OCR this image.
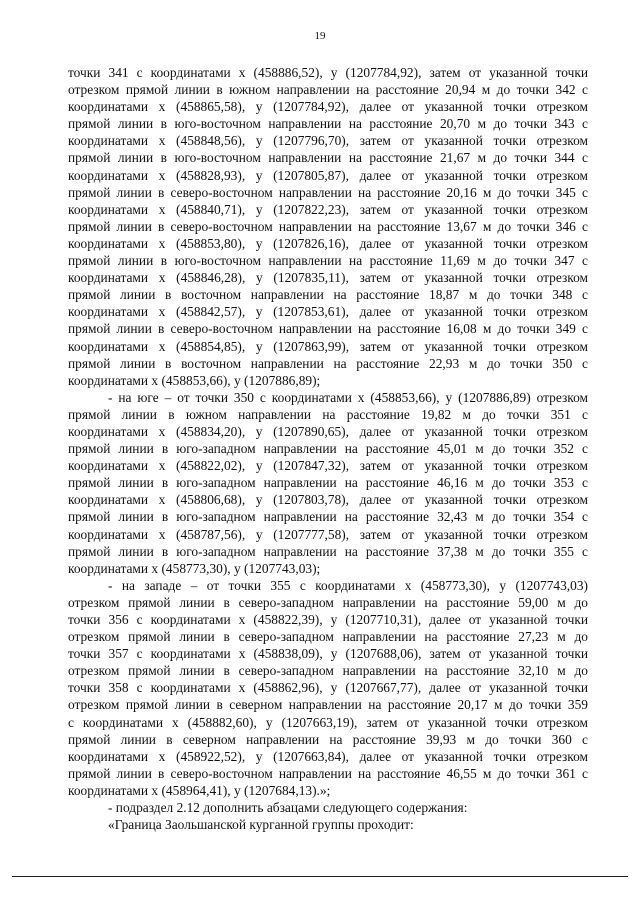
19
точки 341 с координатами x (458886,52), y (1207784,92), затем от указанной точки
отрезком прямой линии в южном направлении на расстояние 20,94 м до точки 342 с
координатами x (458865,58), y (1207784,92), далее от указанной точки отрезком
прямой линии в юго-восточном направлении на расстояние 20,70 м до точки 343 с
координатами x (458848,56), y (1207796,70), затем от указанной точки отрезком
прямой линии в юго-восточном направлении на расстояние 21,67 м до точки 344 с
координатами x (458828,93), y (1207805,87), далее от указанной точки отрезком
прямой линии в северо-восточном направлении на расстояние 20,16 м до точки 345 с
координатами x (458840,71), y (1207822,23), затем от указанной точки отрезком
прямой линии в северо-восточном направлении на расстояние 13,67 м до точки 346 с
координатами x (458853,80), y (1207826,16), далее от указанной точки отрезком
прямой линии в юго-восточном направлении на расстояние 11,69 м до точки 347 с
координатами x (458846,28), y (1207835,11), затем от указанной точки отрезком
прямой линии в восточном направлении на расстояние 18,87 м до точки 348 с
координатами x (458842,57), y (1207853,61), далее от указанной точки отрезком
прямой линии в северо-восточном направлении на расстояние 16,08 м до точки 349 с
координатами x (458854,85), y (1207863,99), затем от указанной точки отрезком
прямой линии в восточном направлении на расстояние 22,93 м до точки 350 с
координатами x (458853,66), y (1207886,89);
- на юге – от точки 350 с координатами x (458853,66), y (1207886,89) отрезком
прямой линии в южном направлении на расстояние 19,82 м до точки 351 с
координатами x (458834,20), y (1207890,65), далее от указанной точки отрезком
прямой линии в юго-западном направлении на расстояние 45,01 м до точки 352 с
координатами x (458822,02), y (1207847,32), затем от указанной точки отрезком
прямой линии в юго-западном направлении на расстояние 46,16 м до точки 353 с
координатами x (458806,68), y (1207803,78), далее от указанной точки отрезком
прямой линии в юго-западном направлении на расстояние 32,43 м до точки 354 с
координатами x (458787,56), y (1207777,58), затем от указанной точки отрезком
прямой линии в юго-западном направлении на расстояние 37,38 м до точки 355 с
координатами x (458773,30), y (1207743,03);
- на западе – от точки 355 с координатами x (458773,30), y (1207743,03)
отрезком прямой линии в северо-западном направлении на расстояние 59,00 м до
точки 356 с координатами x (458822,39), y (1207710,31), далее от указанной точки
отрезком прямой линии в северо-западном направлении на расстояние 27,23 м до
точки 357 с координатами x (458838,09), y (1207688,06), затем от указанной точки
отрезком прямой линии в северо-западном направлении на расстояние 32,10 м до
точки 358 с координатами x (458862,96), y (1207667,77), далее от указанной точки
отрезком прямой линии в северном направлении на расстояние 20,17 м до точки 359
с координатами x (458882,60), y (1207663,19), затем от указанной точки отрезком
прямой линии в северном направлении на расстояние 39,93 м до точки 360 с
координатами x (458922,52), y (1207663,84), далее от указанной точки отрезком
прямой линии в северо-восточном направлении на расстояние 46,55 м до точки 361 с
координатами x (458964,41), y (1207684,13).»;
- подраздел 2.12 дополнить абзацами следующего содержания:
«Граница Заольшанской курганной группы проходит:
